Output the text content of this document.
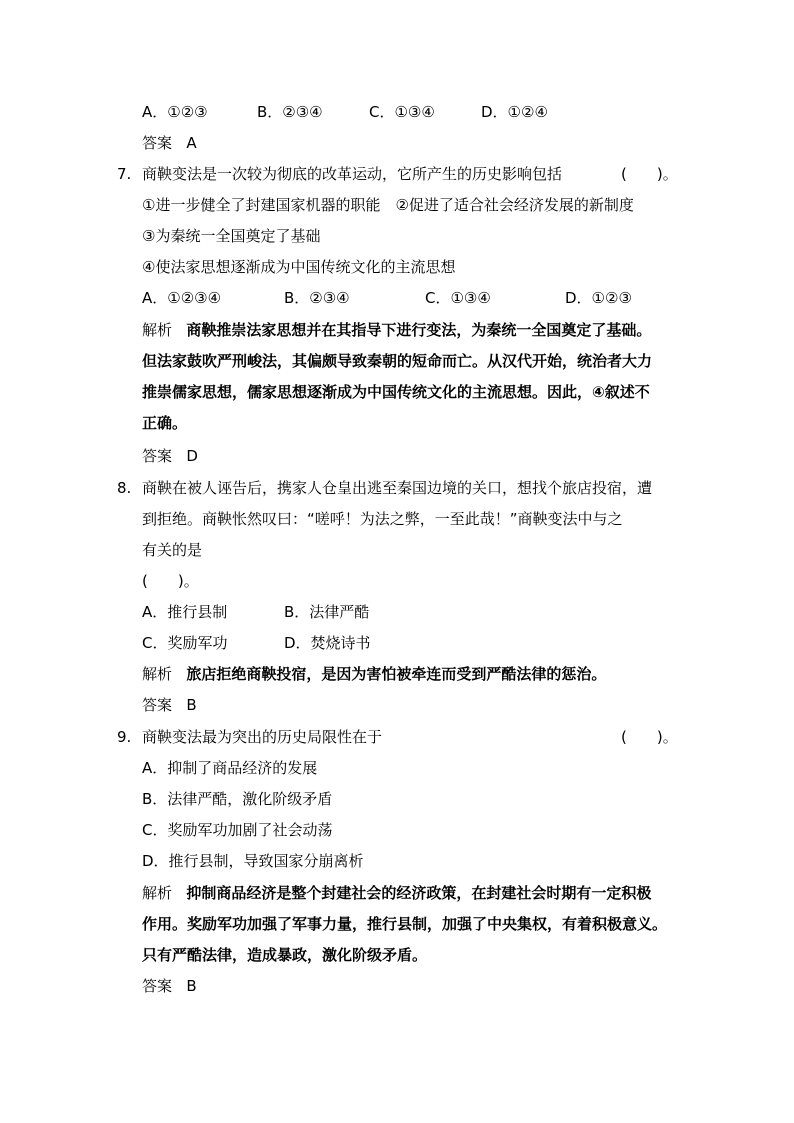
A．①②③	B．②③④	C．①③④	D．①②④
答案 A
7. 商鞅变法是一次较为彻底的改革运动，它所产生的历史影响包括	(　　)。
①进一步健全了封建国家机器的职能　②促进了适合社会经济发展的新制度
③为秦统一全国奠定了基础
④使法家思想逐渐成为中国传统文化的主流思想
A．①②③④	B．②③④	C．①③④	D．①②③
解析 商鞅推崇法家思想并在其指导下进行变法，为秦统一全国奠定了基础。
但法家鼓吹严刑峻法，其偏颇导致秦朝的短命而亡。从汉代开始，统治者大力
推崇儒家思想，儒家思想逐渐成为中国传统文化的主流思想。因此，④叙述不
正确。
答案 D
8. 商鞅在被人诬告后，携家人仓皇出逃至秦国边境的关口，想找个旅店投宿，遭
到拒绝。商鞅怅然叹曰：“嗟呼！为法之弊，一至此哉！”商鞅变法中与之
有关的是
(　　)。
A．推行县制	B．法律严酷
C．奖励军功	D．焚烧诗书
解析 旅店拒绝商鞅投宿，是因为害怕被牵连而受到严酷法律的惩治。
答案 B
9. 商鞅变法最为突出的历史局限性在于	(　　)。
A．抑制了商品经济的发展
B．法律严酷，激化阶级矛盾
C．奖励军功加剧了社会动荡
D．推行县制，导致国家分崩离析
解析 抑制商品经济是整个封建社会的经济政策，在封建社会时期有一定积极
作用。奖励军功加强了军事力量，推行县制，加强了中央集权，有着积极意义。
只有严酷法律，造成暴政，激化阶级矛盾。
答案 B
